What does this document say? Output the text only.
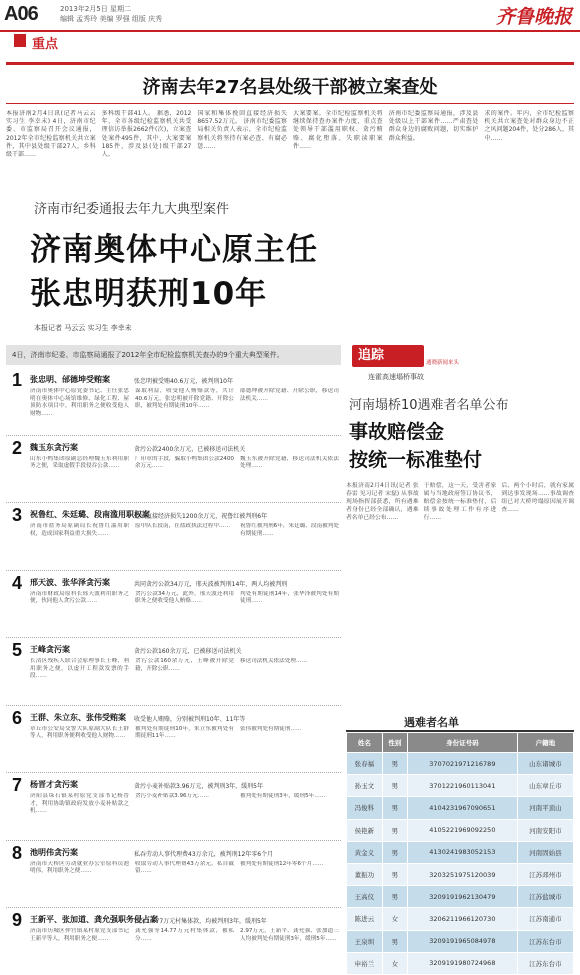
A06	2013年2月5日 星期二
编辑 孟秀玲 美编 罗强 组版 庆秀	齐鲁晚报
重点
济南去年27名县处级干部被立案查处
本报济南2月4日讯(记者马云云 实习生 李幸未) 4日，济南市纪委、市监察局召开会议通报，2012年全市纪检监察机关共立案件，其中县处级干部27人，乡科级干部……
多科级干部41人。 据悉，2012年，全市各级纪检监察机关共受理信访举报2662件(次)，立案查处案件495件，其中，大案要案185件，涉及县(处)级干部27人。
国家和集体挽回直接经济损失8657.52万元。 济南市纪委监察局相关负责人表示，全市纪检监察机关将坚持有案必查、有腐必惩……
大案要案。全市纪检监察机关将继续保持查办案件力度，重点查处领导干部滥用职权、贪污贿赂、腐化堕落、失职渎职案件……
济南市纪委监察局通报，涉及县处级以上干部案件……严肃查处群众身边的腐败问题，切实维护群众利益。
求的案件。年内，全市纪检监察机关共立案查处对群众身边不正之风问题204件，处分286人，其中……
济南市纪委通报去年九大典型案件
济南奥体中心原主任
张忠明获刑10年
本报记者 马云云 实习生 李幸未
4日，济南市纪委、市监察局通报了2012年全市纪检监察机关查办的9个重大典型案件。
1 张忠明、邰德坤受贿案	张忠明被受贿40.6万元，被判刑10年
济南市奥体中心原党委书记、主任张忠明在奥体中心场馆维修、绿化工程、屋顶防水项目中，利用职务之便收受他人财物……
谋取利益，收受他人贿赂款等，共计40.6万元，张忠明被开除党籍、开除公职，被判处有期徒刑10年……
邰德坤被开除党籍、开除公职，移送司法机关……
2 魏玉东贪污案	贪污公款2400余万元，已被移送司法机关
山东小鸭集团原副总经理魏玉东利用职务之便，采取虚假手段侵吞公款……
厂印章的手段，骗取小鸭集团公款2400余万元……
魏玉东被开除党籍，移送司法机关依法处理……
3 祝鲁红、朱廷璐、段南滥用职权案
造成直接经济损失1200余万元，祝鲁红被判刑6年
济南市盐务局原副局长祝鲁红滥用职权，造成国家利益重大损失……
原中队长段南，在盐政执法过程中……	祝鲁红被判刑6年，朱廷璐、段南被判处有期徒刑……
4 邢天波、张华泽贪污案	共同贪污公款34万元，邢天波被判刑14年，两人均被判刑
济南市财政局原科长邢天波利用职务之便，伙同他人贪污公款……
贪污公款34万元，此外，邢天波还利用职务之便收受他人贿赂……
判处有期徒刑14年，张华泽被判处有期徒刑……
5 王峰贪污案	贪污公款160余万元，已被移送司法机关
长清区残疾人联合会原理事长王峰，利用职务之便，以虚开工程款发票的手段……
贪污公款160余万元，王峰被开除党籍，开除公职……
移送司法机关依法处理……
6 王群、朱立东、张伟受贿案 收受他人贿赂，分别被判刑10年、11年等
章丘市公安局交警大队原副大队长王群等人，利用职务便利收受他人财物……
被判处有期徒刑10年，朱立东被判处有期徒刑11年……
张伟被判处有期徒刑……
7 杨晋才贪污案	贪污小麦补贴款3.96万元，被判刑3年，缓刑5年
济阳县垛石镇某村原党支部书记杨晋才，利用协助镇政府发放小麦补贴款之机……
贪污小麦补贴款3.96万元……	被判处有期徒刑3年，缓刑5年……
8 池明伟贪污案	私吞劳动人事代理费43万余元，被判刑12年零6个月
济南市天桥区劳动就业办公室原科员池明伟，利用职务之便……
收取劳动人事代理费43万余元，私自截留……
被判处有期徒刑12年零6个月……
9 王新平、张加道、龚允强职务侵占案
私分14.77万元村集体款，均被判刑3年，缓刑5年
济南市历城区仲宫镇某村原党支部书记王新平等人，利用职务之便……
龚允强等14.77万元村集体款，被私分……
2.97万元，王新平、龚允强、张加道三人均被判处有期徒刑3年，缓刑5年……
追踪	通晓新闻来头
连霍高速塌桥事故
河南塌桥10遇难者名单公布
事故赔偿金
按统一标准垫付
本报济南2月4日讯(记者 张春雷 见习记者 宋磊) 从事故现场指挥部获悉，所有遇难者身份已经全部确认，遇难者名单已经公布……
于赔偿，这一天，受害者家属与当地政府签订协议书，赔偿金按统一标准垫付，后续事故处理工作有序进行……
后、两个小时后，就有家属到达事发现场……事故调查组已对大桥垮塌原因展开调查……
遇难者名单
姓名	性别	身份证号码	户籍地
张春福	男	3707021971216789	山东诸城市
孙玉文	男	3701221960113041	山东章丘市
冯俊科	男	4104231967090651	河南平顶山
侯艳新	男	4105221969092250	河南安阳市
黄金义	男	4130241983052153	河南固始县
董振功	男	3203251975120039	江苏邳州市
王高仪	男	3209191962130479	江苏盐城市
陈进云	女	3206211966120730	江苏南通市
王泉圳	男	3209191965084978	江苏东台市
申裕兰	女	3209191980724968	江苏东台市
